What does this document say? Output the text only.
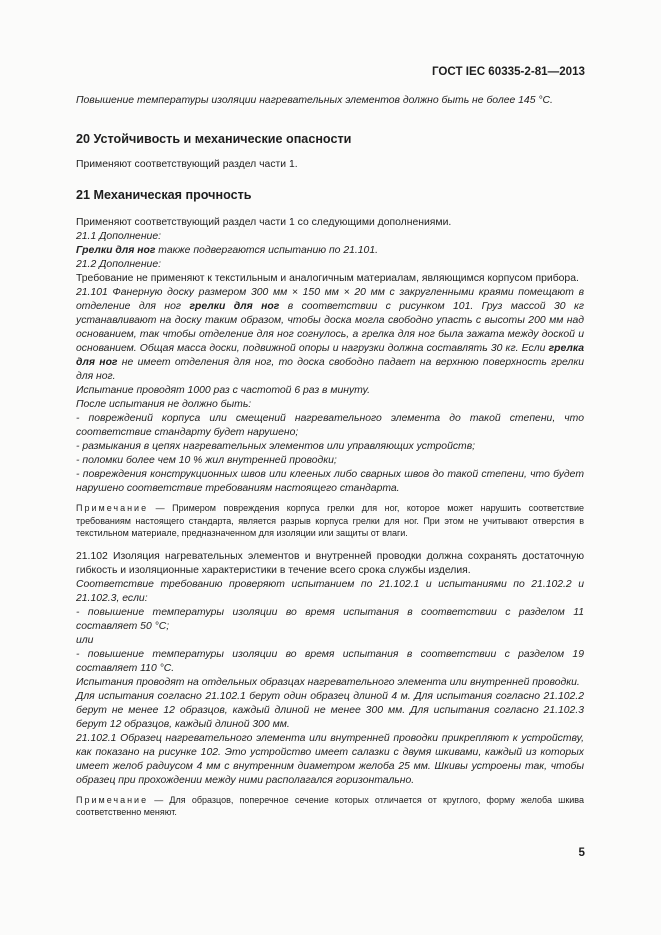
ГОСТ IEC 60335-2-81—2013

Повышение температуры изоляции нагревательных элементов должно быть не более 145 °С.

20 Устойчивость и механические опасности

Применяют соответствующий раздел части 1.

21 Механическая прочность

Применяют соответствующий раздел части 1 со следующими дополнениями.

21.1 Дополнение:

Грелки для ног также подвергаются испытанию по 21.101.

21.2 Дополнение:

Требование не применяют к текстильным и аналогичным материалам, являющимся корпусом прибора.

21.101 Фанерную доску размером 300 мм × 150 мм × 20 мм с закругленными краями помещают в отделение для ног грелки для ног в соответствии с рисунком 101. Груз массой 30 кг устанавливают на доску таким образом, чтобы доска могла свободно упасть с высоты 200 мм над основанием, так чтобы отделение для ног согнулось, а грелка для ног была зажата между доской и основанием. Общая масса доски, подвижной опоры и нагрузки должна составлять 30 кг. Если грелка для ног не имеет отделения для ног, то доска свободно падает на верхнюю поверхность грелки для ног.

Испытание проводят 1000 раз с частотой 6 раз в минуту.

После испытания не должно быть:

- повреждений корпуса или смещений нагревательного элемента до такой степени, что соответствие стандарту будет нарушено;

- размыкания в цепях нагревательных элементов или управляющих устройств;

- поломки более чем 10 % жил внутренней проводки;

- повреждения конструкционных швов или клееных либо сварных швов до такой степени, что будет нарушено соответствие требованиям настоящего стандарта.

Примечание — Примером повреждения корпуса грелки для ног, которое может нарушить соответствие требованиям настоящего стандарта, является разрыв корпуса грелки для ног. При этом не учитывают отверстия в текстильном материале, предназначенном для изоляции или защиты от влаги.

21.102 Изоляция нагревательных элементов и внутренней проводки должна сохранять достаточную гибкость и изоляционные характеристики в течение всего срока службы изделия.

Соответствие требованию проверяют испытанием по 21.102.1 и испытаниями по 21.102.2 и 21.102.3, если:

- повышение температуры изоляции во время испытания в соответствии с разделом 11 составляет 50 °С;

или

- повышение температуры изоляции во время испытания в соответствии с разделом 19 составляет 110 °С.

Испытания проводят на отдельных образцах нагревательного элемента или внутренней проводки.

Для испытания согласно 21.102.1 берут один образец длиной 4 м. Для испытания согласно 21.102.2 берут не менее 12 образцов, каждый длиной не менее 300 мм. Для испытания согласно 21.102.3 берут 12 образцов, каждый длиной 300 мм.

21.102.1 Образец нагревательного элемента или внутренней проводки прикрепляют к устройству, как показано на рисунке 102. Это устройство имеет салазки с двумя шкивами, каждый из которых имеет желоб радиусом 4 мм с внутренним диаметром желоба 25 мм. Шкивы устроены так, чтобы образец при прохождении между ними располагался горизонтально.

Примечание — Для образцов, поперечное сечение которых отличается от круглого, форму желоба шкива соответственно меняют.

5
